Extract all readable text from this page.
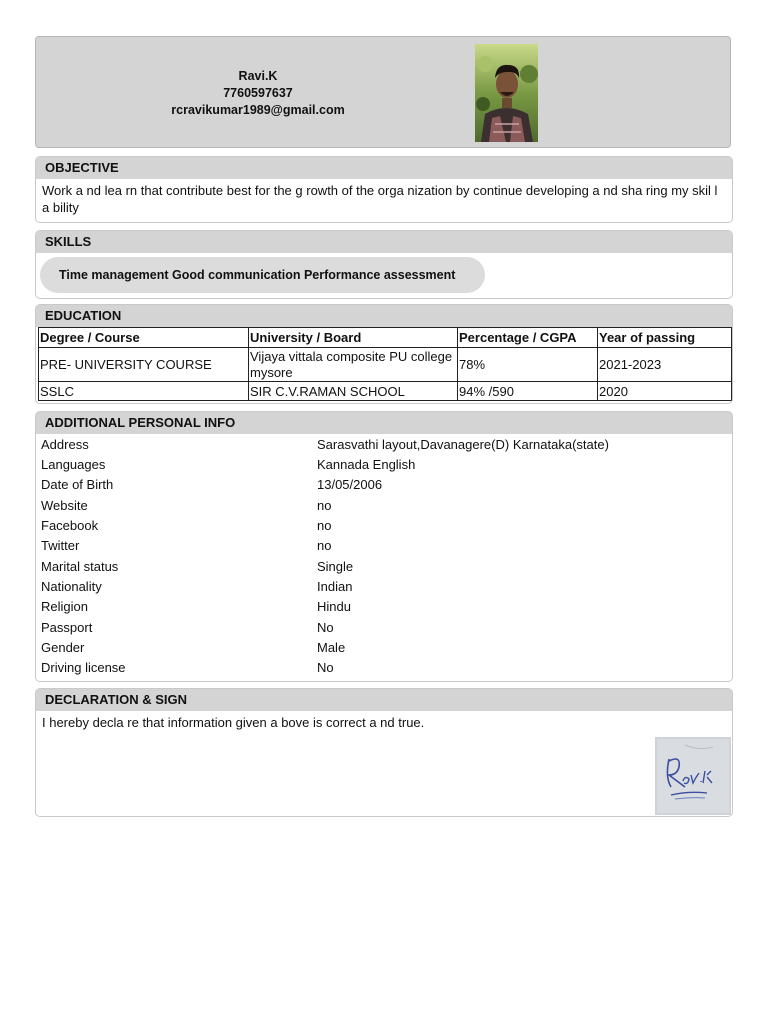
Ravi.K
7760597637
rcravikumar1989@gmail.com
OBJECTIVE
Work a nd lea rn that contribute best for the g rowth of the orga nization by continue developing a nd sha ring my skil l a bility
SKILLS
Time management Good communication Performance assessment
EDUCATION
Degree / Course	University / Board	Percentage / CGPA	Year of passing
PRE- UNIVERSITY COURSE	Vijaya vittala composite PU college mysore	78%	2021-2023
SSLC	SIR C.V.RAMAN SCHOOL	94% /590	2020
ADDITIONAL PERSONAL INFO
Address	Sarasvathi layout,Davanagere(D) Karnataka(state)
Languages	Kannada English
Date of Birth	13/05/2006
Website	no
Facebook	no
Twitter	no
Marital status	Single
Nationality	Indian
Religion	Hindu
Passport	No
Gender	Male
Driving license	No
DECLARATION & SIGN
I hereby decla re that information given a bove is correct a nd true.
